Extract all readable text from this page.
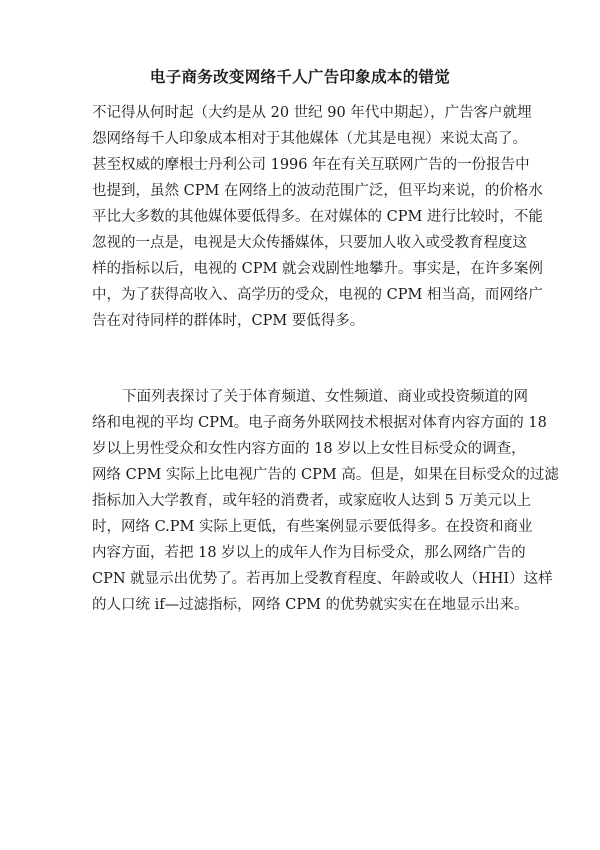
电子商务改变网络千人广告印象成本的错觉
不记得从何时起（大约是从 20 世纪 90 年代中期起），广告客户就埋
怨网络每千人印象成本相对于其他媒体（尤其是电视）来说太高了。
甚至权威的摩根士丹利公司 1996 年在有关互联网广告的一份报告中
也提到，虽然 CPM 在网络上的波动范围广泛，但平均来说，的价格水
平比大多数的其他媒体要低得多。在对媒体的 CPM 进行比较时，不能
忽视的一点是，电视是大众传播媒体，只要加人收入或受教育程度这
样的指标以后，电视的 CPM 就会戏剧性地攀升。事实是，在许多案例
中，为了获得高收入、高学历的受众，电视的 CPM 相当高，而网络广
告在对待同样的群体时，CPM 要低得多。
下面列表探讨了关于体育频道、女性频道、商业或投资频道的网
络和电视的平均 CPM。电子商务外联网技术根据对体育内容方面的 18
岁以上男性受众和女性内容方面的 18 岁以上女性目标受众的调查，
网络 CPM 实际上比电视广告的 CPM 高。但是，如果在目标受众的过滤
指标加入大学教育，或年轻的消费者，或家庭收人达到 5 万美元以上
时，网络 C.PM 实际上更低，有些案例显示要低得多。在投资和商业
内容方面，若把 18 岁以上的成年人作为目标受众，那么网络广告的
CPN 就显示出优势了。若再加上受教育程度、年龄或收人（HHI）这样
的人口统 if—过滤指标，网络 CPM 的优势就实实在在地显示出来。
